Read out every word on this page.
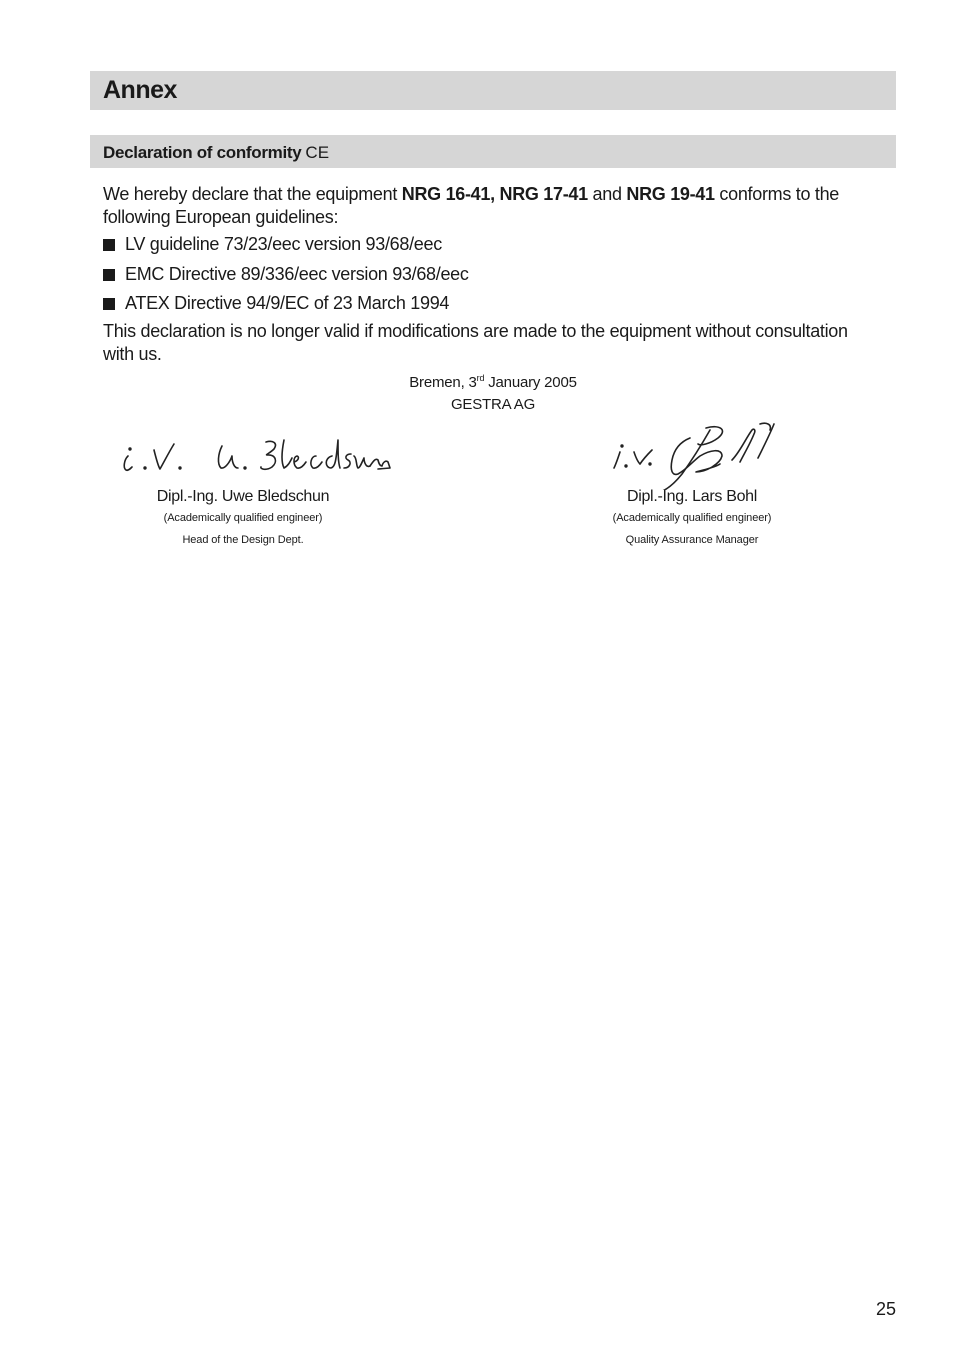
Annex
Declaration of conformity CE
We hereby declare that the equipment NRG 16-41, NRG 17-41 and NRG 19-41 conforms to the following European guidelines:
LV guideline 73/23/eec version 93/68/eec
EMC Directive 89/336/eec version 93/68/eec
ATEX Directive 94/9/EC of 23 March 1994
This declaration is no longer valid if modifications are made to the equipment without consultation with us.
Bremen, 3rd January 2005
GESTRA AG
Dipl.-Ing. Uwe Bledschun
(Academically qualified engineer)
Head of the Design Dept.
Dipl.-Ing. Lars Bohl
(Academically qualified engineer)
Quality Assurance Manager
25
